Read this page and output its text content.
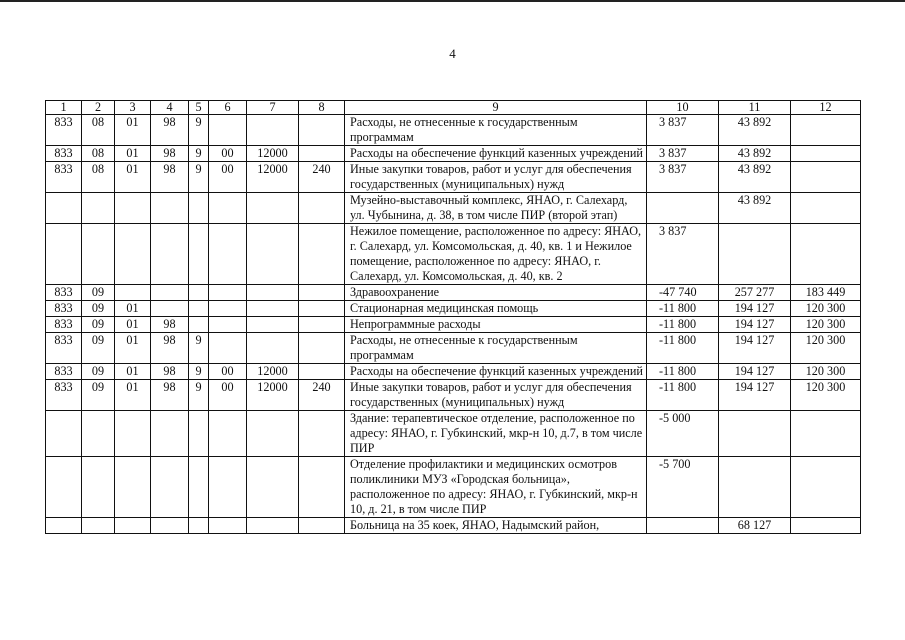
4
1	2	3	4	5	6	7	8	9	10	11	12
833	08	01	98	9				Расходы, не отнесенные к государственным программам	3 837	43 892	
833	08	01	98	9	00	12000		Расходы на обеспечение функций казенных учреждений	3 837	43 892	
833	08	01	98	9	00	12000	240	Иные закупки товаров, работ и услуг для обеспечения государственных (муниципальных) нужд	3 837	43 892	
								Музейно-выставочный комплекс, ЯНАО, г. Салехард, ул. Чубынина, д. 38, в том числе ПИР (второй этап)		43 892	
								Нежилое помещение, расположенное по адресу: ЯНАО, г. Салехард, ул. Комсомольская, д. 40, кв. 1 и Нежилое помещение, расположенное по адресу: ЯНАО, г. Салехард, ул. Комсомольская, д. 40, кв. 2	3 837		
833	09							Здравоохранение	-47 740	257 277	183 449
833	09	01						Стационарная медицинская помощь	-11 800	194 127	120 300
833	09	01	98					Непрограммные расходы	-11 800	194 127	120 300
833	09	01	98	9				Расходы, не отнесенные к государственным программам	-11 800	194 127	120 300
833	09	01	98	9	00	12000		Расходы на обеспечение функций казенных учреждений	-11 800	194 127	120 300
833	09	01	98	9	00	12000	240	Иные закупки товаров, работ и услуг для обеспечения государственных (муниципальных) нужд	-11 800	194 127	120 300
								Здание: терапевтическое отделение, расположенное по адресу: ЯНАО, г. Губкинский, мкр-н 10, д.7, в том числе ПИР	-5 000		
								Отделение профилактики и медицинских осмотров поликлиники МУЗ «Городская больница», расположенное по адресу: ЯНАО, г. Губкинский, мкр-н 10, д. 21, в том числе ПИР	-5 700		
								Больница на 35 коек, ЯНАО, Надымский район,		68 127	
